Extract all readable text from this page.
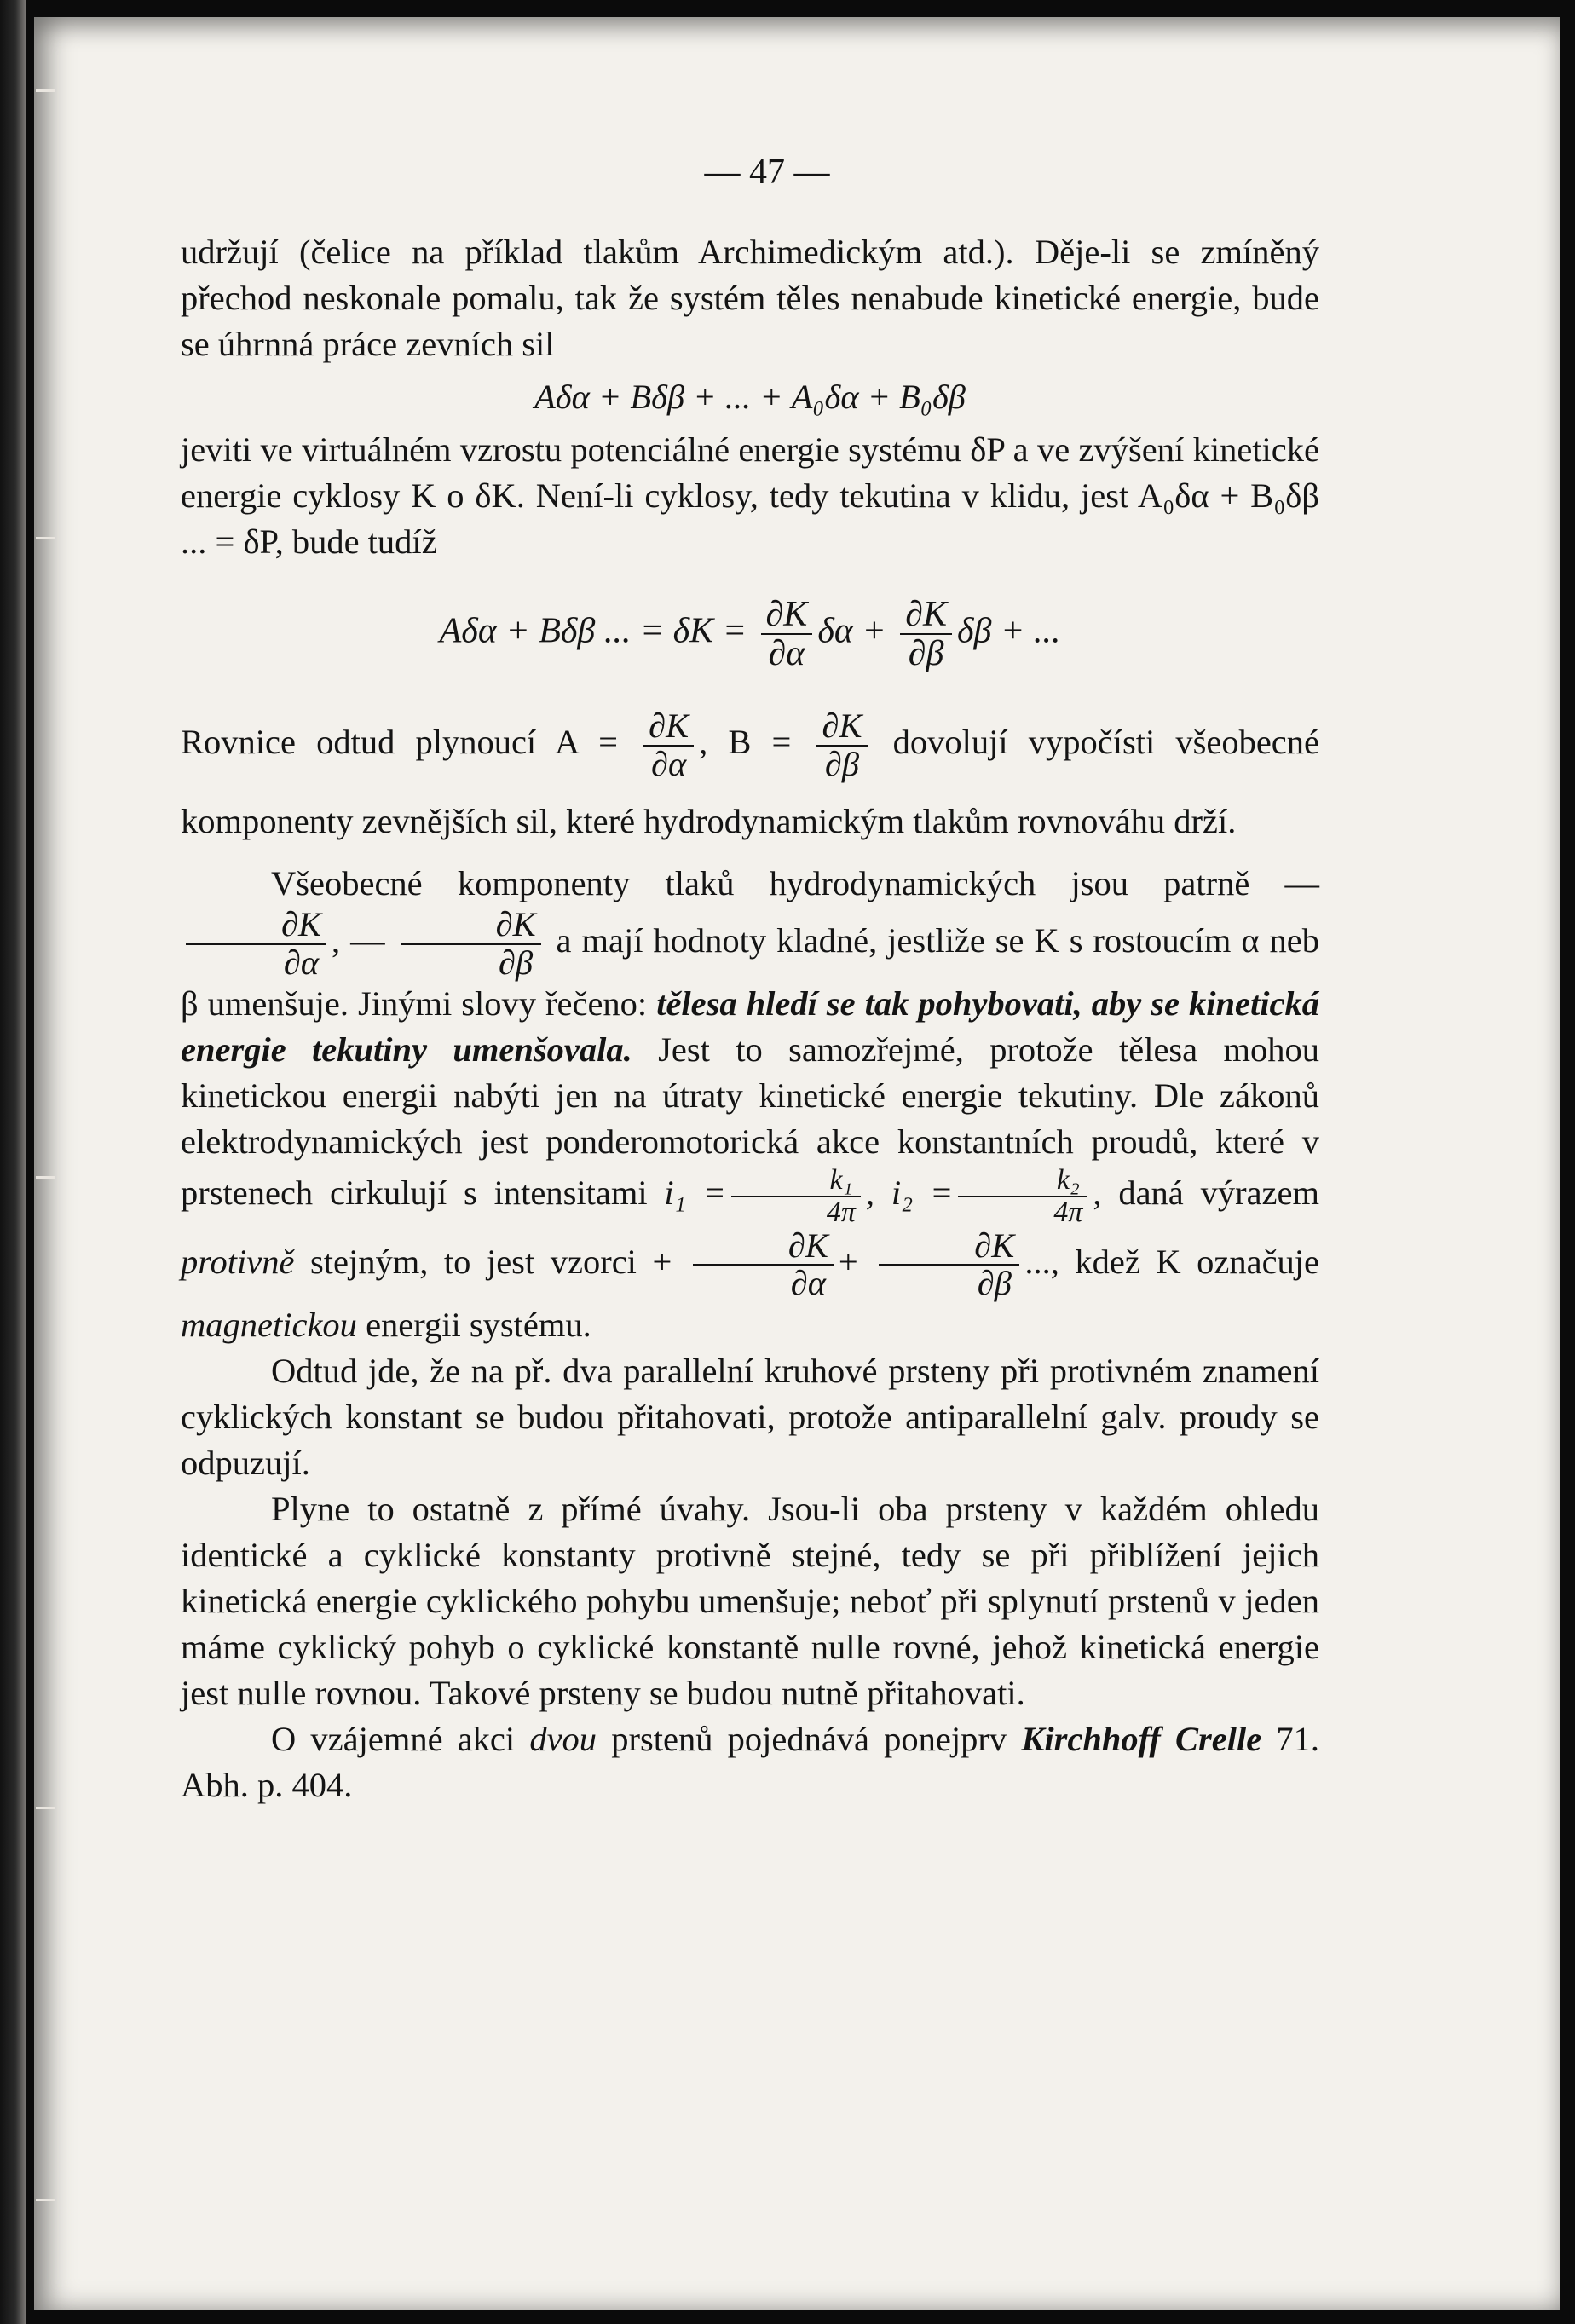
— 47 —

udržují (čelice na příklad tlakům Archimedickým atd.). Děje-li se zmíněný přechod neskonale pomalu, tak že systém těles nenabude kinetické energie, bude se úhrnná práce zevních sil

Aδα + Bδβ + ... + A₀δα + B₀δβ

jeviti ve virtuálném vzrostu potenciálné energie systému δP a ve zvýšení kinetické energie cyklosy K o δK. Není-li cyklosy, tedy tekutina v klidu, jest A₀δα + B₀δβ ... = δP, bude tudíž

Aδα + Bδβ ... = $\delta K = \frac{\partial K}{\partial\alpha}$ $\delta\alpha + \frac{\partial K}{\partial\beta}$ δβ + ...

Rovnice odtud plynoucí $A = \frac{\partial K}{\partial\alpha}$ , $B = \frac{\partial K}{\partial\beta}$ dovolují vypočísti všeobecné komponenty zevnějších sil, které hydrodynamickým tlakům rovnováhu drží.

Všeobecné komponenty tlaků hydrodynamických jsou patrně —
$\frac{\partial K}{\partial\alpha}$ , — $\frac{\partial K}{\partial\beta}$ a mají hodnoty kladné, jestliže se K s rostoucím α neb β umenšuje. Jinými slovy řečeno: tělesa hledí se tak pohybovati, aby se kinetická energie tekutiny umenšovala. Jest to samozřejmé, protože tělesa mohou kinetickou energii nabýti jen na útraty kinetické energie tekutiny. Dle zákonů elektrodynamických jest ponderomotorická akce konstantních proudů, které v prstenech cirkulují s intensitami $i_1 = \frac{\text{k₁}}{4\pi}$ , $i_2 = \frac{\text{k₂}}{4\pi}$ , daná výrazem protivně stejným, to jest vzorci + $\frac{\partial K}{\partial\alpha} + \frac{\partial K}{\partial\beta}$ ..., kdež K označuje magnetickou energii systému.

Odtud jde, že na př. dva parallelní kruhové prsteny při protivném znamení cyklických konstant se budou přitahovati, protože antiparallelní galv. proudy se odpuzují.

Plyne to ostatně z přímé úvahy. Jsou-li oba prsteny v každém ohledu identické a cyklické konstanty protivně stejné, tedy se při přiblížení jejich kinetická energie cyklického pohybu umenšuje; neboť při splynutí prstenů v jeden máme cyklický pohyb o cyklické konstantě nulle rovné, jehož kinetická energie jest nulle rovnou. Takové prsteny se budou nutně přitahovati.

O vzájemné akci dvou prstenů pojednává ponejprv Kirchhoff Crelle 71. Abh. p. 404.
